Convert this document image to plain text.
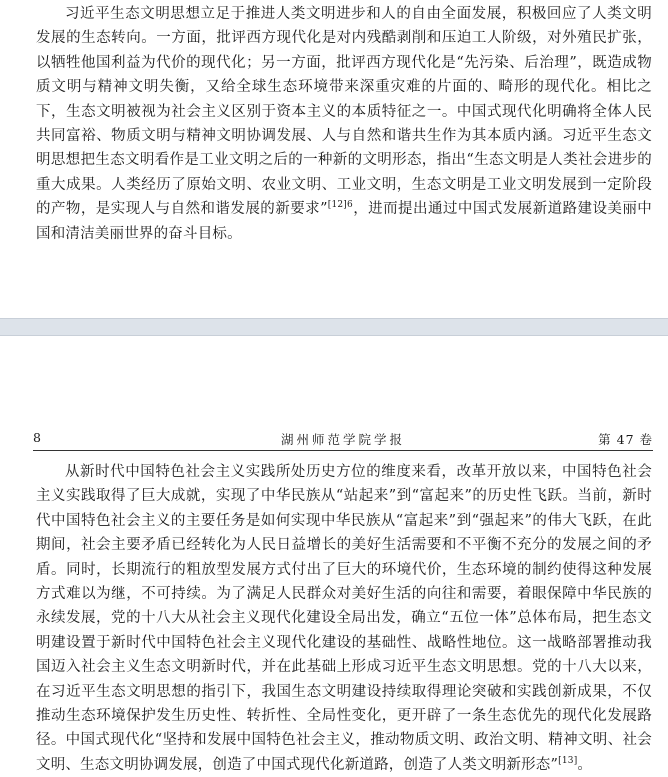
习近平生态文明思想立足于推进人类文明进步和人的自由全面发展，积极回应了人类文明发展的生态转向。一方面，批评西方现代化是对内残酷剥削和压迫工人阶级，对外殖民扩张，以牺牲他国利益为代价的现代化；另一方面，批评西方现代化是“先污染、后治理”，既造成物质文明与精神文明失衡，又给全球生态环境带来深重灾难的片面的、畸形的现代化。相比之下，生态文明被视为社会主义区别于资本主义的本质特征之一。中国式现代化明确将全体人民共同富裕、物质文明与精神文明协调发展、人与自然和谐共生作为其本质内涵。习近平生态文明思想把生态文明看作是工业文明之后的一种新的文明形态，指出“生态文明是人类社会进步的重大成果。人类经历了原始文明、农业文明、工业文明，生态文明是工业文明发展到一定阶段的产物，是实现人与自然和谐发展的新要求”$^{[12]6}$，进而提出通过中国式发展新道路建设美丽中国和清洁美丽世界的奋斗目标。

8	湖州师范学院学报	第 47 卷

从新时代中国特色社会主义实践所处历史方位的维度来看，改革开放以来，中国特色社会主义实践取得了巨大成就，实现了中华民族从“站起来”到“富起来”的历史性飞跃。当前，新时代中国特色社会主义的主要任务是如何实现中华民族从“富起来”到“强起来”的伟大飞跃，在此期间，社会主要矛盾已经转化为人民日益增长的美好生活需要和不平衡不充分的发展之间的矛盾。同时，长期流行的粗放型发展方式付出了巨大的环境代价，生态环境的制约使得这种发展方式难以为继，不可持续。为了满足人民群众对美好生活的向往和需要，着眼保障中华民族的永续发展，党的十八大从社会主义现代化建设全局出发，确立“五位一体”总体布局，把生态文明建设置于新时代中国特色社会主义现代化建设的基础性、战略性地位。这一战略部署推动我国迈入社会主义生态文明新时代，并在此基础上形成习近平生态文明思想。党的十八大以来，在习近平生态文明思想的指引下，我国生态文明建设持续取得理论突破和实践创新成果，不仅推动生态环境保护发生历史性、转折性、全局性变化，更开辟了一条生态优先的现代化发展路径。中国式现代化“坚持和发展中国特色社会主义，推动物质文明、政治文明、精神文明、社会文明、生态文明协调发展，创造了中国式现代化新道路，创造了人类文明新形态”[13]。
